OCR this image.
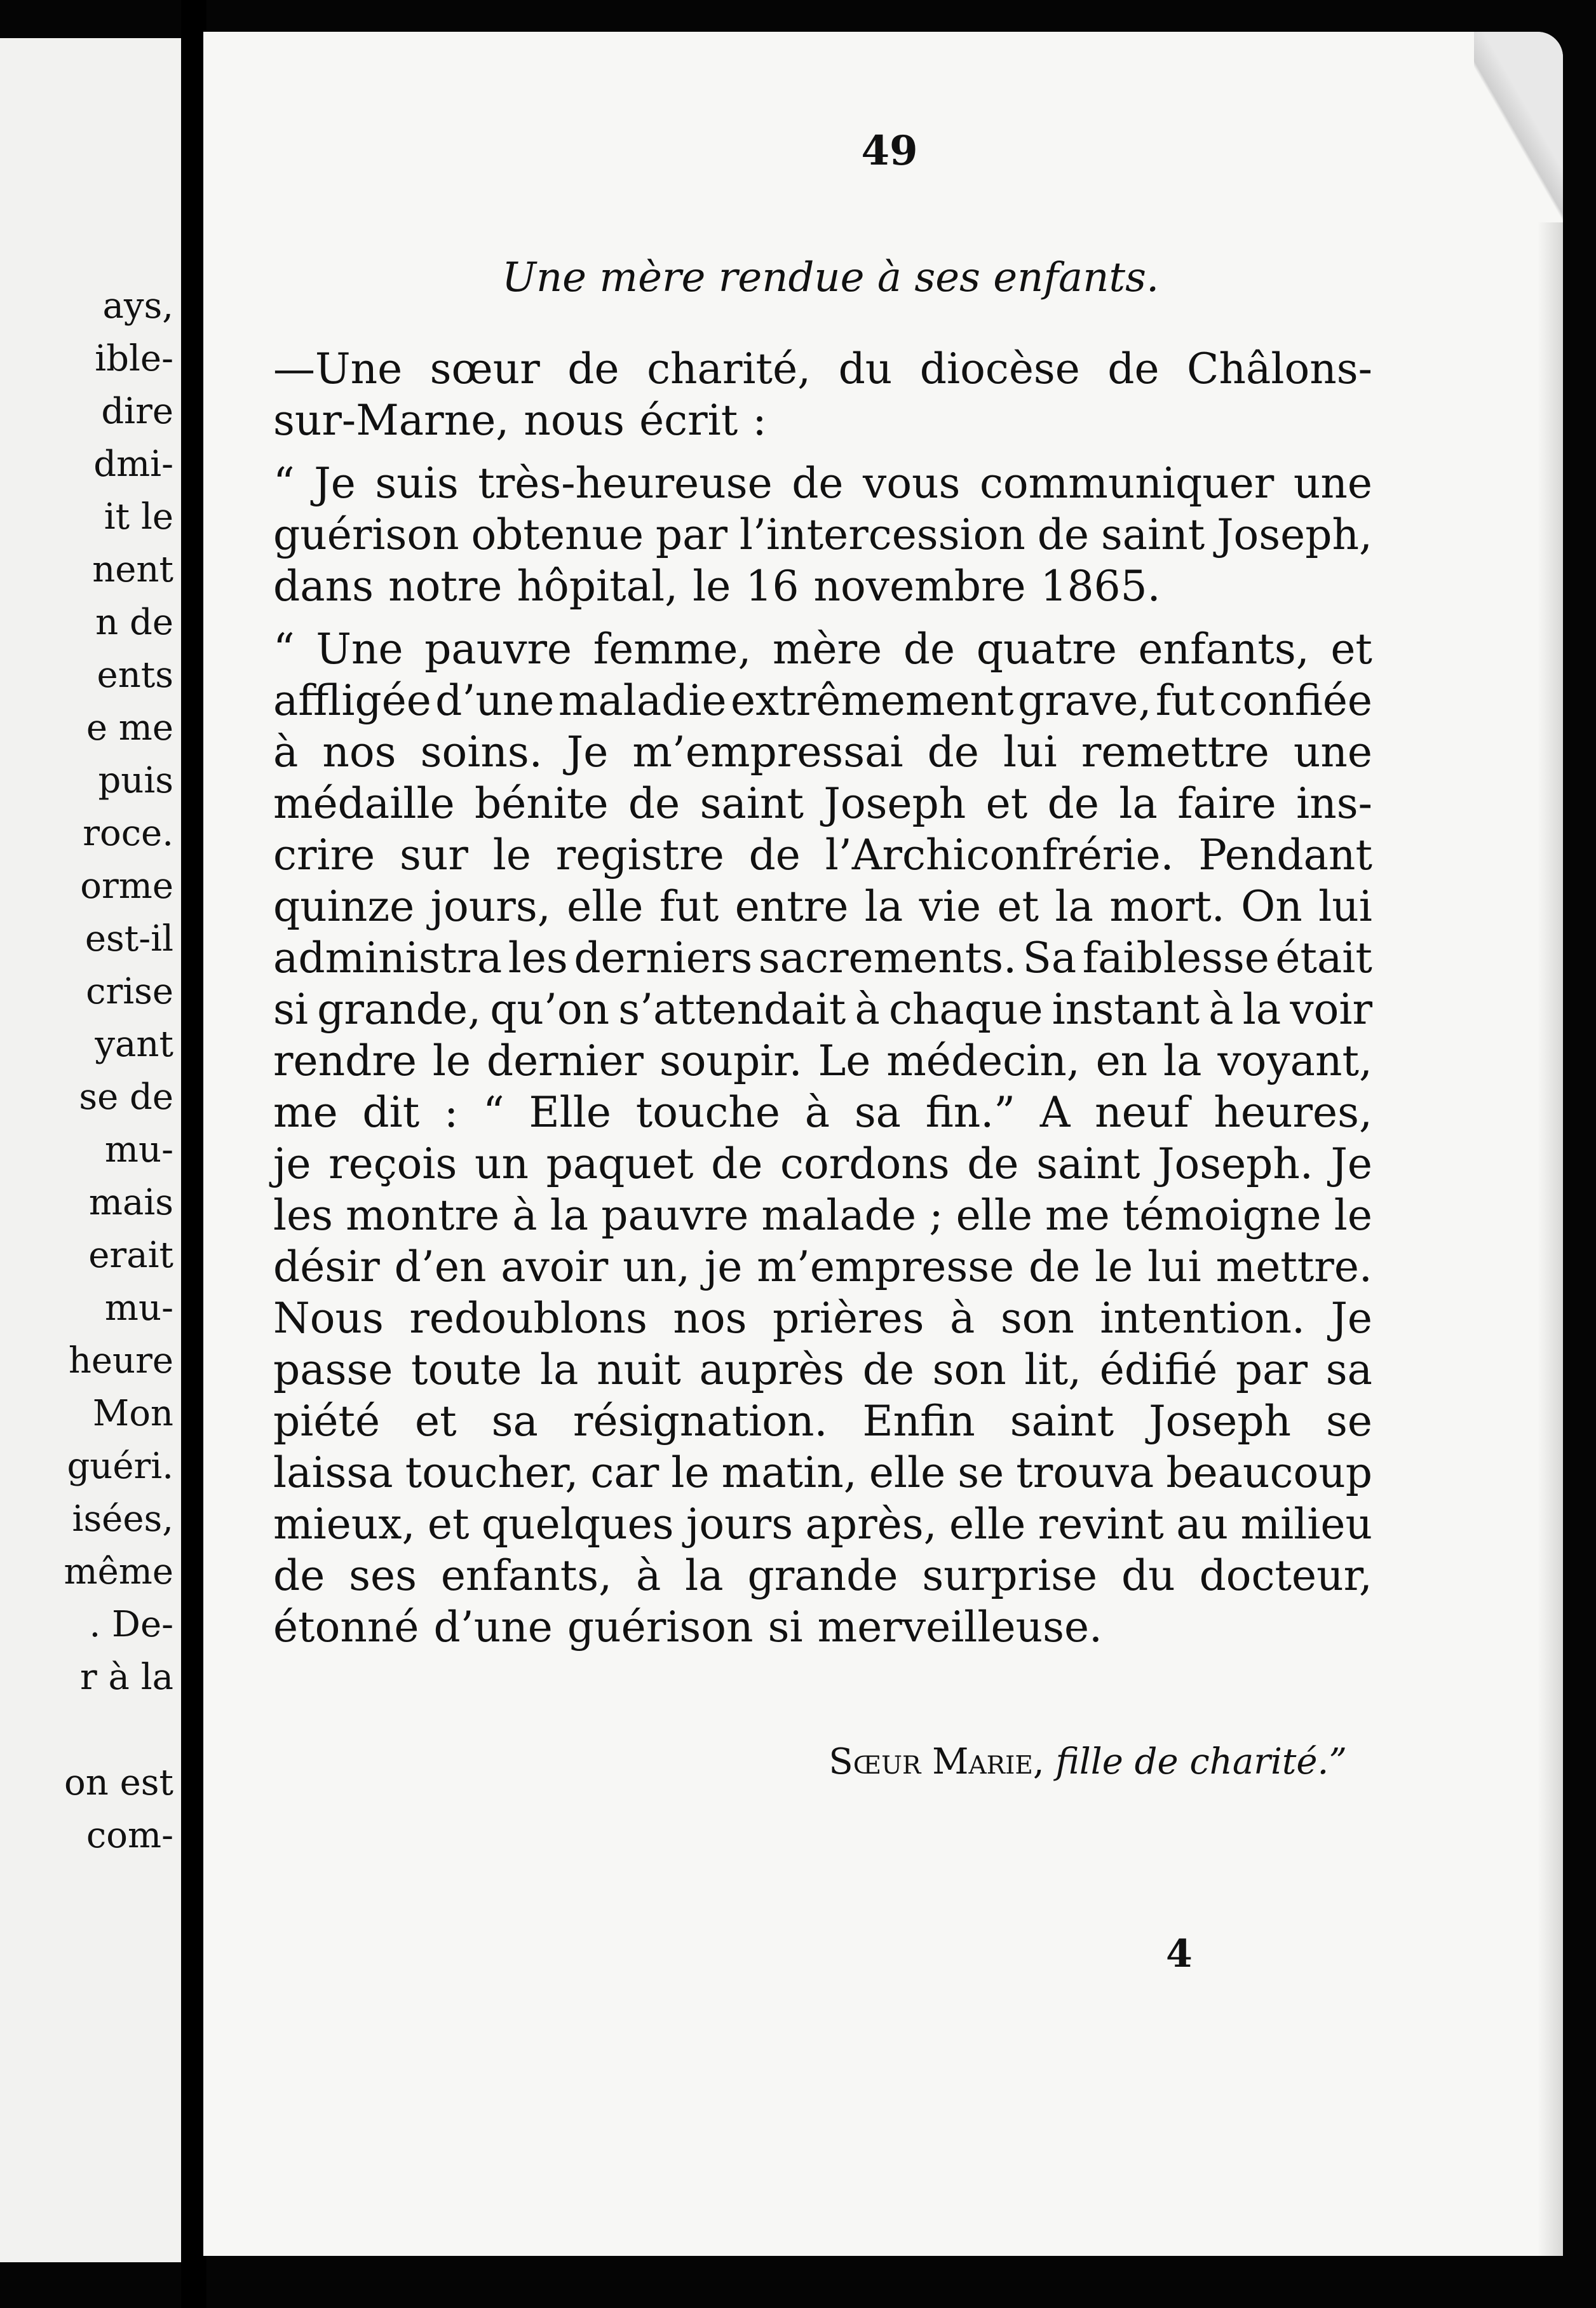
ays,
ible-
dire
dmi-
it le
nent
n de
ents
e me
puis
roce.
orme
est-il
crise
yant
se de
mu-
mais
erait
mu-
heure
Mon
guéri.
isées,
même
. De-
r à la
on est
com-
49
Une mère rendue à ses enfants.
—Une sœur de charité, du diocèse de Châlons-
sur-Marne, nous écrit :
“ Je suis très-heureuse de vous communiquer une
guérison obtenue par l’intercession de saint Joseph,
dans notre hôpital, le 16 novembre 1865.
“ Une pauvre femme, mère de quatre enfants, et
affligée d’une maladie extrêmement grave, fut confiée
à nos soins. Je m’empressai de lui remettre une
médaille bénite de saint Joseph et de la faire ins-
crire sur le registre de l’Archiconfrérie. Pendant
quinze jours, elle fut entre la vie et la mort. On lui
administra les derniers sacrements. Sa faiblesse était
si grande, qu’on s’attendait à chaque instant à la voir
rendre le dernier soupir. Le médecin, en la voyant,
me dit : “ Elle touche à sa fin.” A neuf heures,
je reçois un paquet de cordons de saint Joseph. Je
les montre à la pauvre malade ; elle me témoigne le
désir d’en avoir un, je m’empresse de le lui mettre.
Nous redoublons nos prières à son intention. Je
passe toute la nuit auprès de son lit, édifié par sa
piété et sa résignation. Enfin saint Joseph se
laissa toucher, car le matin, elle se trouva beaucoup
mieux, et quelques jours après, elle revint au milieu
de ses enfants, à la grande surprise du docteur,
étonné d’une guérison si merveilleuse.
Sœur Marie, fille de charité.”
4
